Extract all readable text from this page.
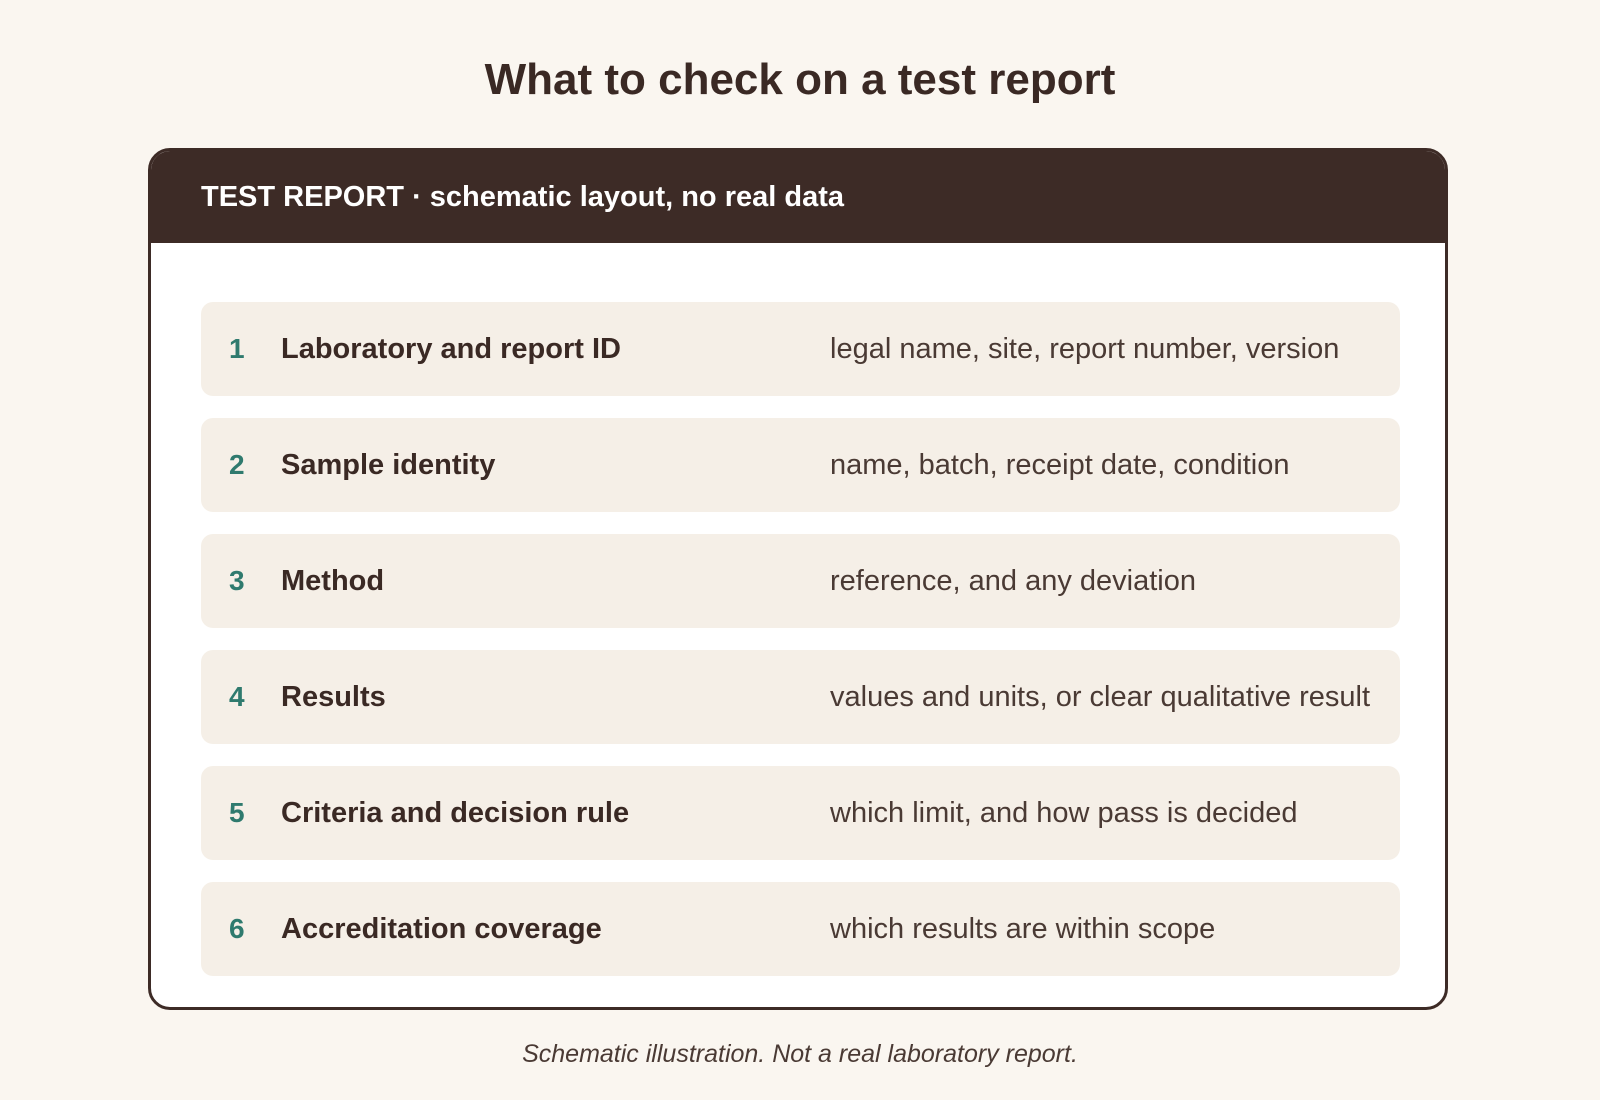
What to check on a test report
TEST REPORT · schematic layout, no real data
1	Laboratory and report ID	legal name, site, report number, version
2	Sample identity	name, batch, receipt date, condition
3	Method	reference, and any deviation
4	Results	values and units, or clear qualitative result
5	Criteria and decision rule	which limit, and how pass is decided
6	Accreditation coverage	which results are within scope
Schematic illustration. Not a real laboratory report.
